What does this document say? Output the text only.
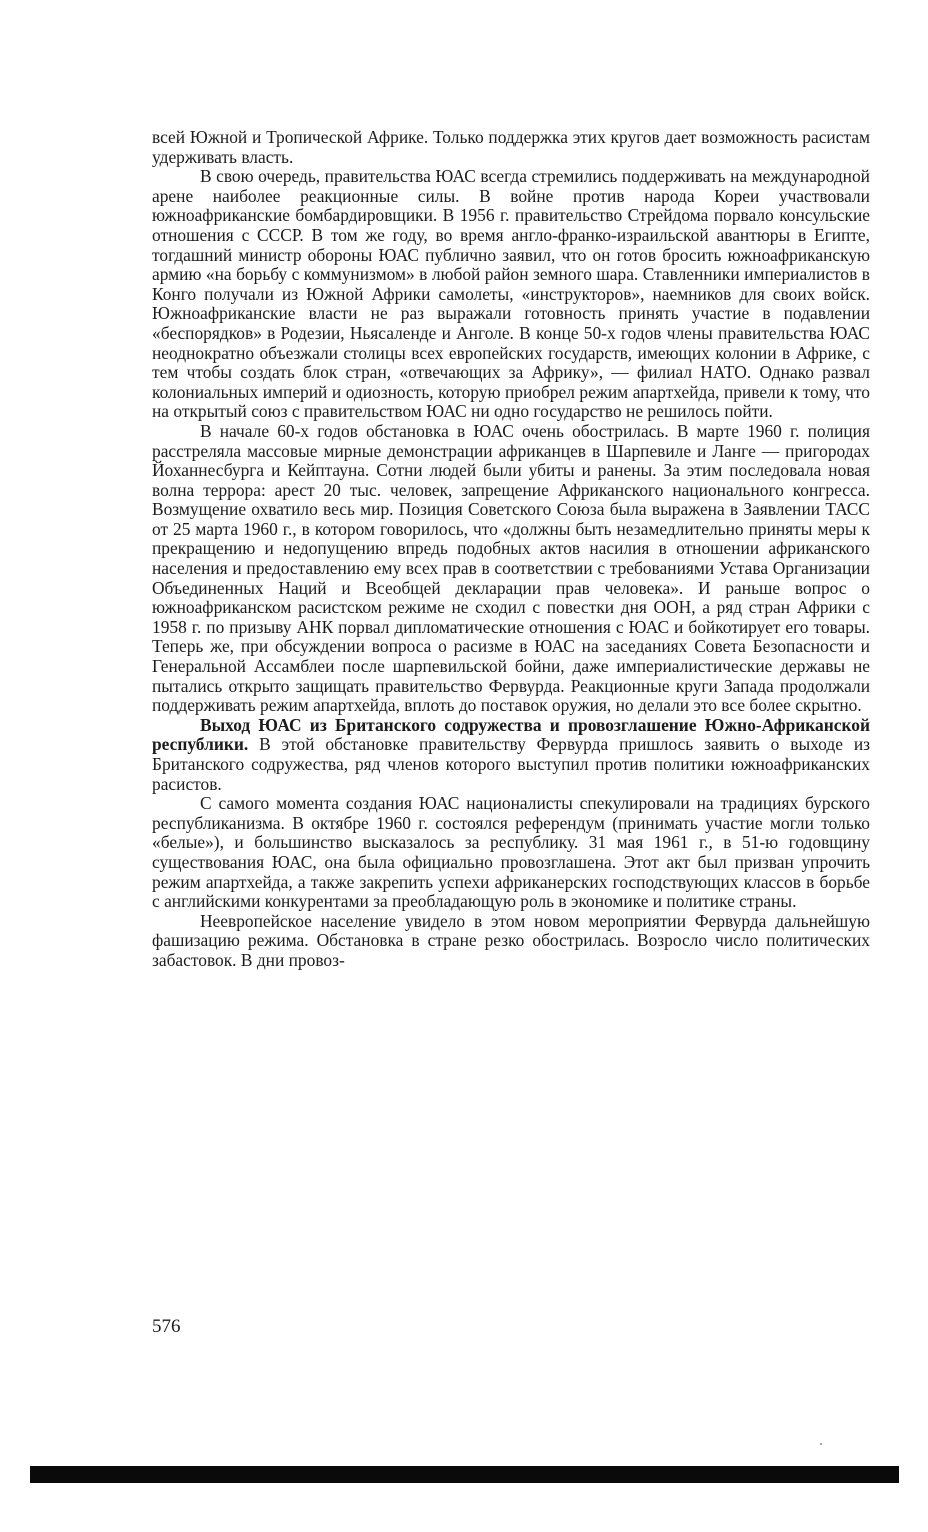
всей Южной и Тропической Африке. Только поддержка этих кругов дает возможность расистам удерживать власть.

В свою очередь, правительства ЮАС всегда стремились поддерживать на международной арене наиболее реакционные силы. В войне против народа Кореи участвовали южноафриканские бомбардировщики. В 1956 г. правительство Стрейдома порвало консульские отношения с СССР. В том же году, во время англо-франко-израильской авантюры в Египте, тогдашний министр обороны ЮАС публично заявил, что он готов бросить южноафриканскую армию «на борьбу с коммунизмом» в любой район земного шара. Ставленники империалистов в Конго получали из Южной Африки самолеты, «инструкторов», наемников для своих войск. Южноафриканские власти не раз выражали готовность принять участие в подавлении «беспорядков» в Родезии, Ньясаленде и Анголе. В конце 50-х годов члены правительства ЮАС неоднократно объезжали столицы всех европейских государств, имеющих колонии в Африке, с тем чтобы создать блок стран, «отвечающих за Африку», — филиал НАТО. Однако развал колониальных империй и одиозность, которую приобрел режим апартхейда, привели к тому, что на открытый союз с правительством ЮАС ни одно государство не решилось пойти.

В начале 60-х годов обстановка в ЮАС очень обострилась. В марте 1960 г. полиция расстреляла массовые мирные демонстрации африканцев в Шарпевиле и Ланге — пригородах Йоханнесбурга и Кейптауна. Сотни людей были убиты и ранены. За этим последовала новая волна террора: арест 20 тыс. человек, запрещение Африканского национального конгресса. Возмущение охватило весь мир. Позиция Советского Союза была выражена в Заявлении ТАСС от 25 марта 1960 г., в котором говорилось, что «должны быть незамедлительно приняты меры к прекращению и недопущению впредь подобных актов насилия в отношении африканского населения и предоставлению ему всех прав в соответствии с требованиями Устава Организации Объединенных Наций и Всеобщей декларации прав человека». И раньше вопрос о южноафриканском расистском режиме не сходил с повестки дня ООН, а ряд стран Африки с 1958 г. по призыву АНК порвал дипломатические отношения с ЮАС и бойкотирует его товары. Теперь же, при обсуждении вопроса о расизме в ЮАС на заседаниях Совета Безопасности и Генеральной Ассамблеи после шарпевильской бойни, даже империалистические державы не пытались открыто защищать правительство Фервурда. Реакционные круги Запада продолжали поддерживать режим апартхейда, вплоть до поставок оружия, но делали это все более скрытно.

Выход ЮАС из Британского содружества и провозглашение Южно-Африканской республики. В этой обстановке правительству Фервурда пришлось заявить о выходе из Британского содружества, ряд членов которого выступил против политики южноафриканских расистов.

С самого момента создания ЮАС националисты спекулировали на традициях бурского республиканизма. В октябре 1960 г. состоялся референдум (принимать участие могли только «белые»), и большинство высказалось за республику. 31 мая 1961 г., в 51-ю годовщину существования ЮАС, она была официально провозглашена. Этот акт был призван упрочить режим апартхейда, а также закрепить успехи африканерских господствующих классов в борьбе с английскими конкурентами за преобладающую роль в экономике и политике страны.

Неевропейское население увидело в этом новом мероприятии Фервурда дальнейшую фашизацию режима. Обстановка в стране резко обострилась. Возросло число политических забастовок. В дни провоз-

576
